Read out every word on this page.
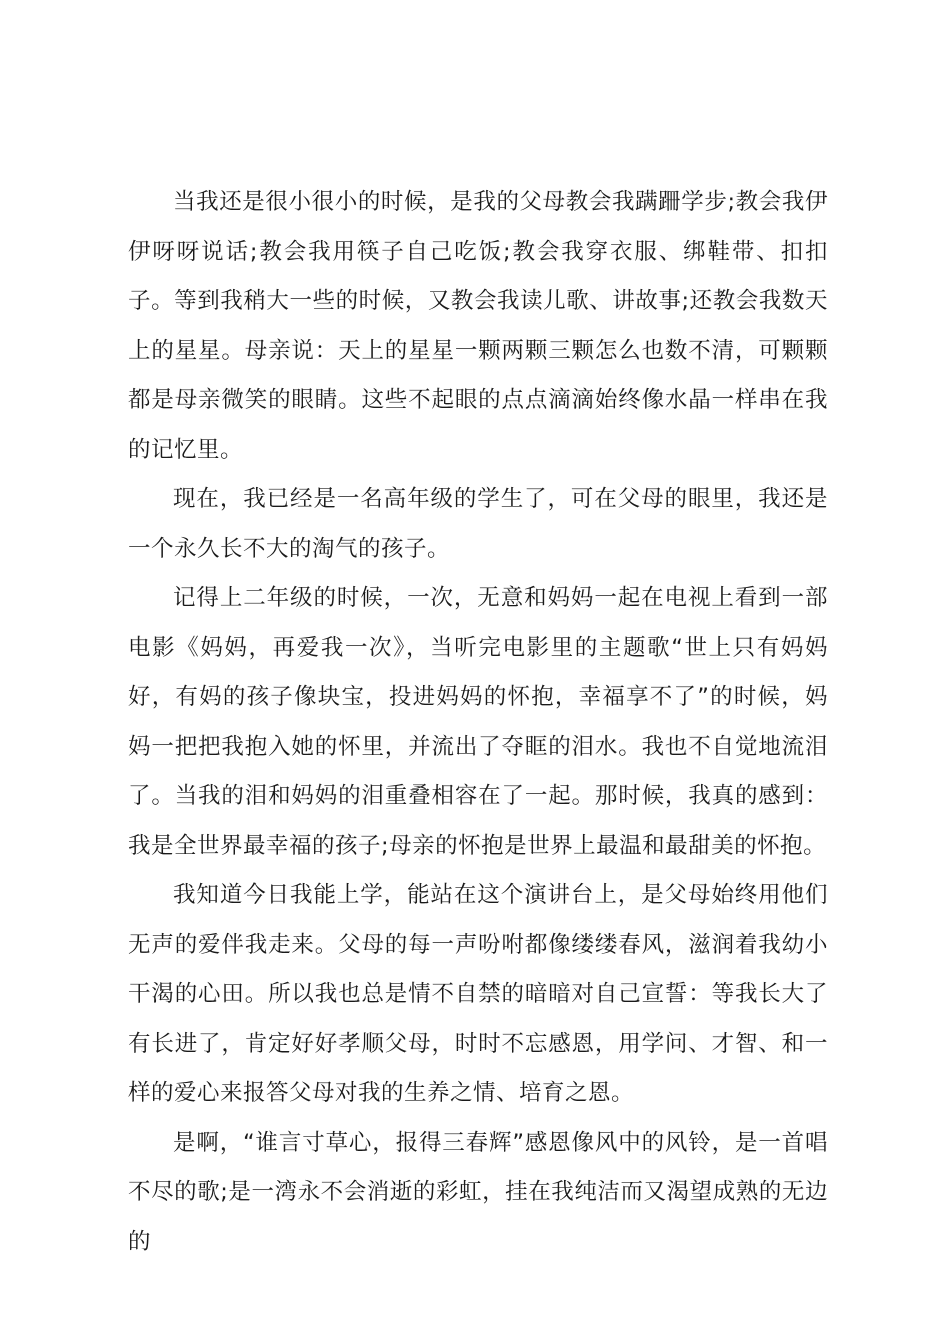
当我还是很小很小的时候，是我的父母教会我蹒跚学步;教会我伊伊呀呀说话;教会我用筷子自己吃饭;教会我穿衣服、绑鞋带、扣扣子。等到我稍大一些的时候，又教会我读儿歌、讲故事;还教会我数天上的星星。母亲说：天上的星星一颗两颗三颗怎么也数不清，可颗颗都是母亲微笑的眼睛。这些不起眼的点点滴滴始终像水晶一样串在我的记忆里。

现在，我已经是一名高年级的学生了，可在父母的眼里，我还是一个永久长不大的淘气的孩子。

记得上二年级的时候，一次，无意和妈妈一起在电视上看到一部电影《妈妈，再爱我一次》，当听完电影里的主题歌“世上只有妈妈好，有妈的孩子像块宝，投进妈妈的怀抱，幸福享不了”的时候，妈妈一把把我抱入她的怀里，并流出了夺眶的泪水。我也不自觉地流泪了。当我的泪和妈妈的泪重叠相容在了一起。那时候，我真的感到：我是全世界最幸福的孩子;母亲的怀抱是世界上最温和最甜美的怀抱。

我知道今日我能上学，能站在这个演讲台上，是父母始终用他们无声的爱伴我走来。父母的每一声吩咐都像缕缕春风，滋润着我幼小干渴的心田。所以我也总是情不自禁的暗暗对自己宣誓：等我长大了有长进了，肯定好好孝顺父母，时时不忘感恩，用学问、才智、和一样的爱心来报答父母对我的生养之情、培育之恩。

是啊，“谁言寸草心，报得三春辉”感恩像风中的风铃，是一首唱不尽的歌;是一湾永不会消逝的彩虹，挂在我纯洁而又渴望成熟的无边的
